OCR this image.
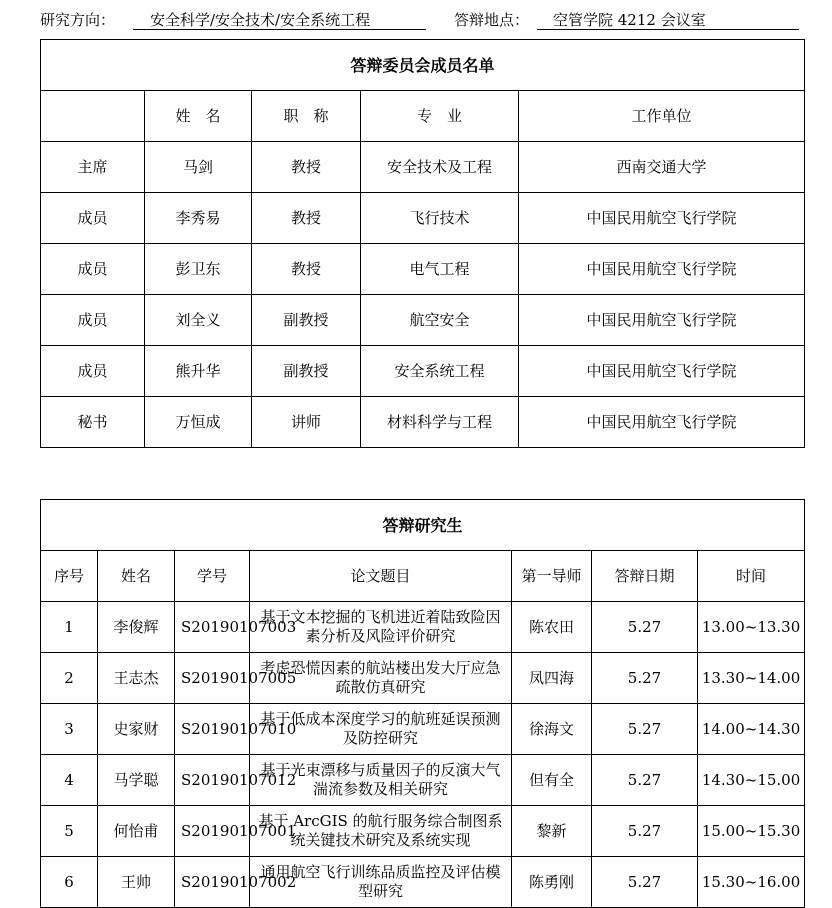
研究方向：	安全科学/安全技术/安全系统工程	答辩地点：	空管学院 4212 会议室
答辩委员会成员名单				
	姓　名	职　称	专　业	工作单位
主席	马剑	教授	安全技术及工程	西南交通大学
成员	李秀易	教授	飞行技术	中国民用航空飞行学院
成员	彭卫东	教授	电气工程	中国民用航空飞行学院
成员	刘全义	副教授	航空安全	中国民用航空飞行学院
成员	熊升华	副教授	安全系统工程	中国民用航空飞行学院
秘书	万恒成	讲师	材料科学与工程	中国民用航空飞行学院
答辩研究生						
序号	姓名	学号	论文题目	第一导师	答辩日期	时间
1	李俊辉	S20190107003	基于文本挖掘的飞机进近着陆致险因素分析及风险评价研究	陈农田	5.27	13.00~13.30
2	王志杰	S20190107005	考虑恐慌因素的航站楼出发大厅应急疏散仿真研究	凤四海	5.27	13.30~14.00
3	史家财	S20190107010	基于低成本深度学习的航班延误预测及防控研究	徐海文	5.27	14.00~14.30
4	马学聪	S20190107012	基于光束漂移与质量因子的反演大气湍流参数及相关研究	但有全	5.27	14.30~15.00
5	何怡甫	S20190107001	基于 ArcGIS 的航行服务综合制图系统关键技术研究及系统实现	黎新	5.27	15.00~15.30
6	王帅	S20190107002	通用航空飞行训练品质监控及评估模型研究	陈勇刚	5.27	15.30~16.00
